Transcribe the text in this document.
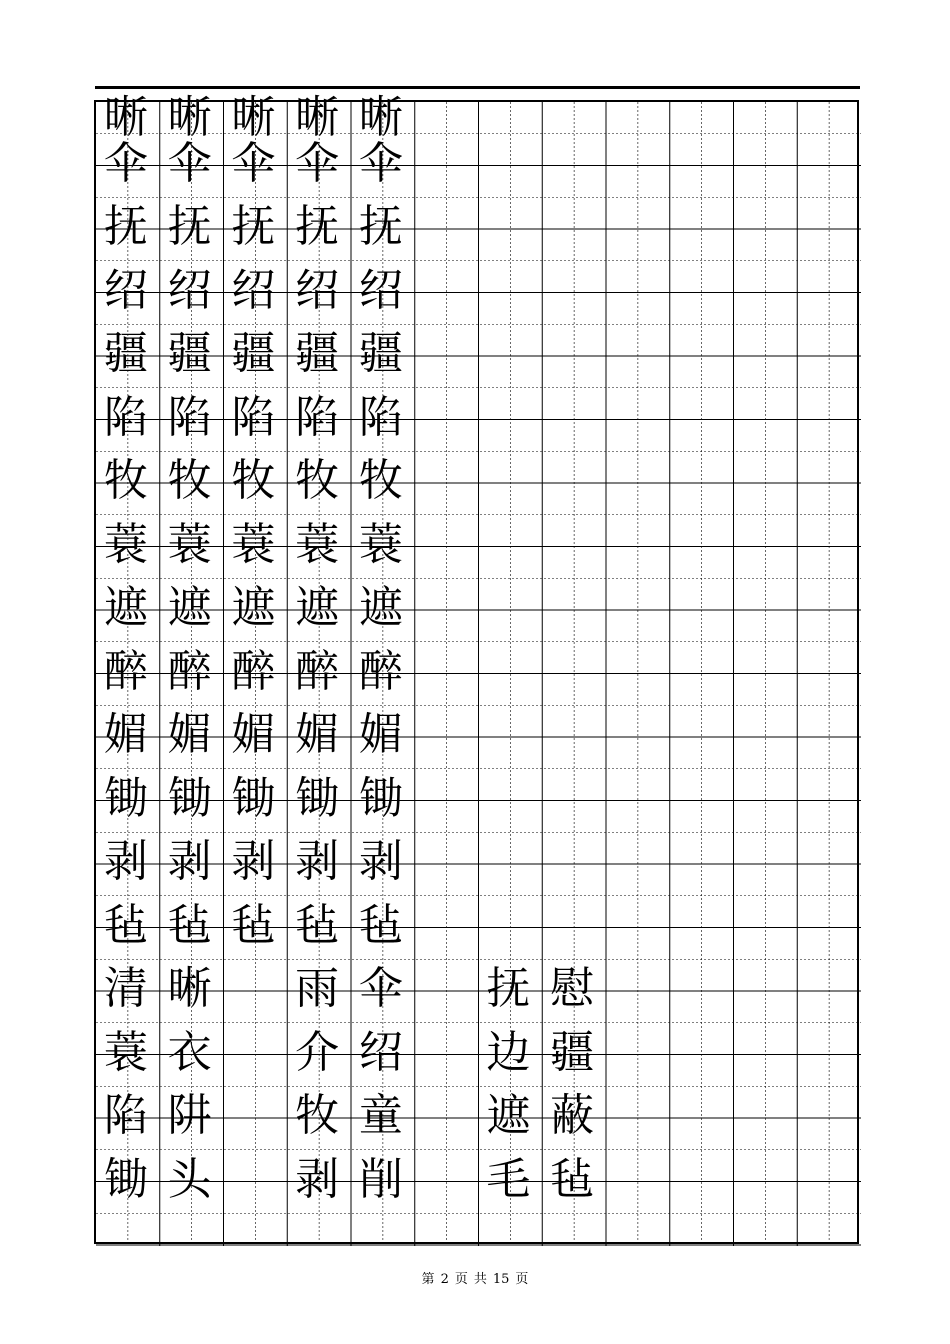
晰 晰 晰 晰 晰
伞 伞 伞 伞 伞
抚 抚 抚 抚 抚
绍 绍 绍 绍 绍
疆 疆 疆 疆 疆
陷 陷 陷 陷 陷
牧 牧 牧 牧 牧
蓑 蓑 蓑 蓑 蓑
遮 遮 遮 遮 遮
醉 醉 醉 醉 醉
媚 媚 媚 媚 媚
锄 锄 锄 锄 锄
剥 剥 剥 剥 剥
毡 毡 毡 毡 毡
清 晰 雨 伞 抚 慰
蓑 衣 介 绍 边 疆
陷 阱 牧 童 遮 蔽
锄 头 剥 削 毛 毡
第 2 页 共 15 页
